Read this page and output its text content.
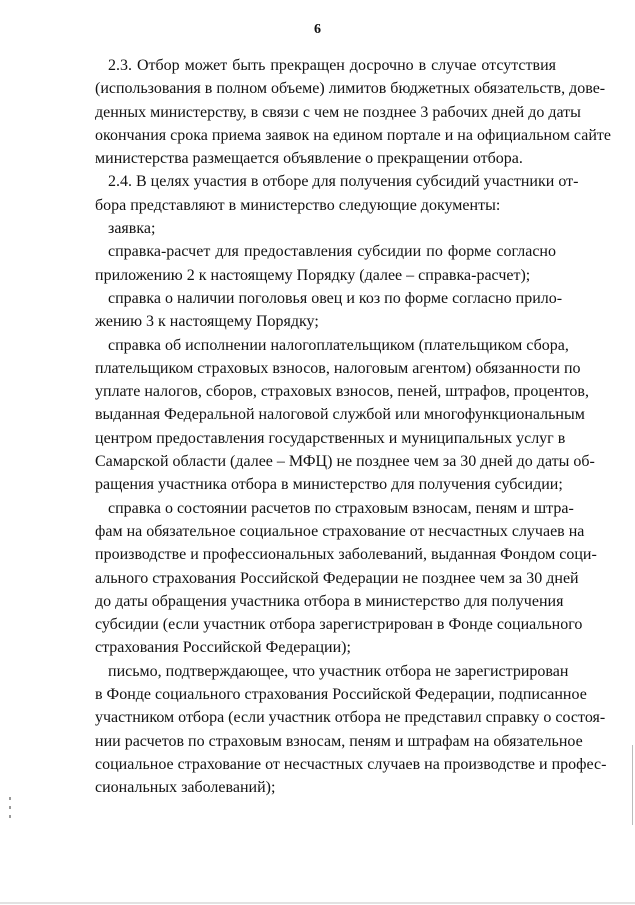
6
2.3. Отбор может быть прекращен досрочно в случае отсутствия
(использования в полном объеме) лимитов бюджетных обязательств, дове-
денных министерству, в связи с чем не позднее 3 рабочих дней до даты
окончания срока приема заявок на едином портале и на официальном сайте
министерства размещается объявление о прекращении отбора.
2.4. В целях участия в отборе для получения субсидий участники от-
бора представляют в министерство следующие документы:
заявка;
справка-расчет для предоставления субсидии по форме согласно
приложению 2 к настоящему Порядку (далее – справка-расчет);
справка о наличии поголовья овец и коз по форме согласно прило-
жению 3 к настоящему Порядку;
справка об исполнении налогоплательщиком (плательщиком сбора,
плательщиком страховых взносов, налоговым агентом) обязанности по
уплате налогов, сборов, страховых взносов, пеней, штрафов, процентов,
выданная Федеральной налоговой службой или многофункциональным
центром предоставления государственных и муниципальных услуг в
Самарской области (далее – МФЦ) не позднее чем за 30 дней до даты об-
ращения участника отбора в министерство для получения субсидии;
справка о состоянии расчетов по страховым взносам, пеням и штра-
фам на обязательное социальное страхование от несчастных случаев на
производстве и профессиональных заболеваний, выданная Фондом соци-
ального страхования Российской Федерации не позднее чем за 30 дней
до даты обращения участника отбора в министерство для получения
субсидии (если участник отбора зарегистрирован в Фонде социального
страхования Российской Федерации);
письмо, подтверждающее, что участник отбора не зарегистрирован
в Фонде социального страхования Российской Федерации, подписанное
участником отбора (если участник отбора не представил справку о состоя-
нии расчетов по страховым взносам, пеням и штрафам на обязательное
социальное страхование от несчастных случаев на производстве и профес-
сиональных заболеваний);
